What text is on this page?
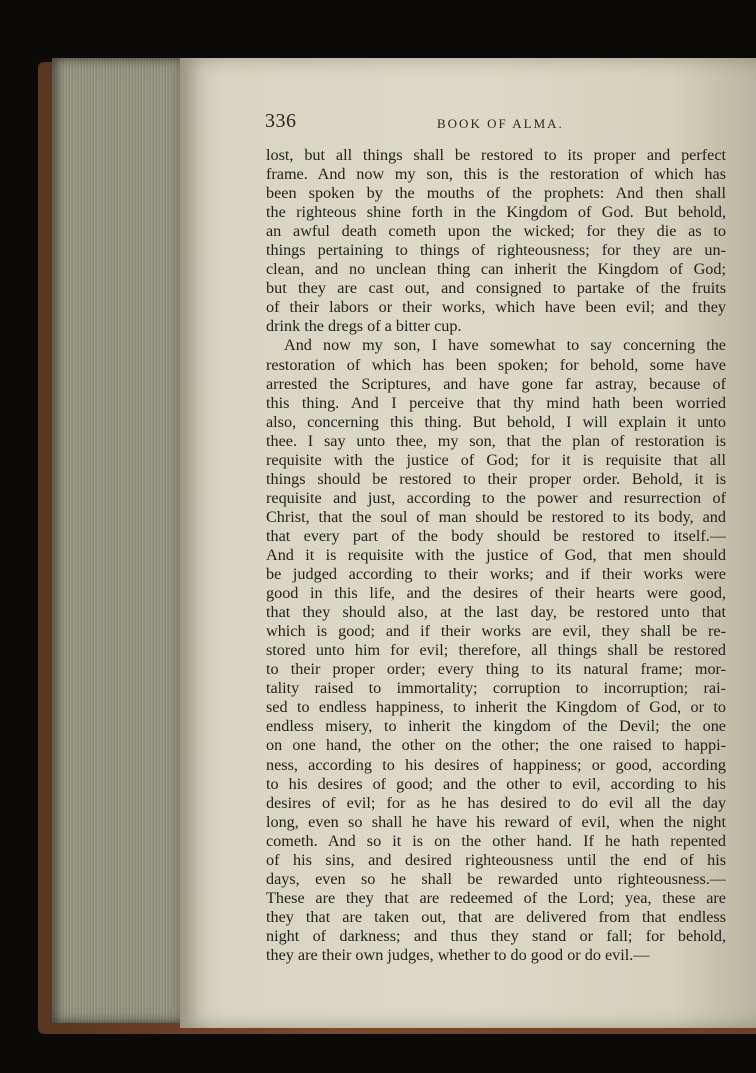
336	BOOK OF ALMA.
lost, but all things shall be restored to its proper and perfect
frame. And now my son, this is the restoration of which has
been spoken by the mouths of the prophets: And then shall
the righteous shine forth in the Kingdom of God. But behold,
an awful death cometh upon the wicked; for they die as to
things pertaining to things of righteousness; for they are un-
clean, and no unclean thing can inherit the Kingdom of God;
but they are cast out, and consigned to partake of the fruits
of their labors or their works, which have been evil; and they
drink the dregs of a bitter cup.
And now my son, I have somewhat to say concerning the
restoration of which has been spoken; for behold, some have
arrested the Scriptures, and have gone far astray, because of
this thing. And I perceive that thy mind hath been worried
also, concerning this thing. But behold, I will explain it unto
thee. I say unto thee, my son, that the plan of restoration is
requisite with the justice of God; for it is requisite that all
things should be restored to their proper order. Behold, it is
requisite and just, according to the power and resurrection of
Christ, that the soul of man should be restored to its body, and
that every part of the body should be restored to itself.—
And it is requisite with the justice of God, that men should
be judged according to their works; and if their works were
good in this life, and the desires of their hearts were good,
that they should also, at the last day, be restored unto that
which is good; and if their works are evil, they shall be re-
stored unto him for evil; therefore, all things shall be restored
to their proper order; every thing to its natural frame; mor-
tality raised to immortality; corruption to incorruption; rai-
sed to endless happiness, to inherit the Kingdom of God, or to
endless misery, to inherit the kingdom of the Devil; the one
on one hand, the other on the other; the one raised to happi-
ness, according to his desires of happiness; or good, according
to his desires of good; and the other to evil, according to his
desires of evil; for as he has desired to do evil all the day
long, even so shall he have his reward of evil, when the night
cometh. And so it is on the other hand. If he hath repented
of his sins, and desired righteousness until the end of his
days, even so he shall be rewarded unto righteousness.—
These are they that are redeemed of the Lord; yea, these are
they that are taken out, that are delivered from that endless
night of darkness; and thus they stand or fall; for behold,
they are their own judges, whether to do good or do evil.—
